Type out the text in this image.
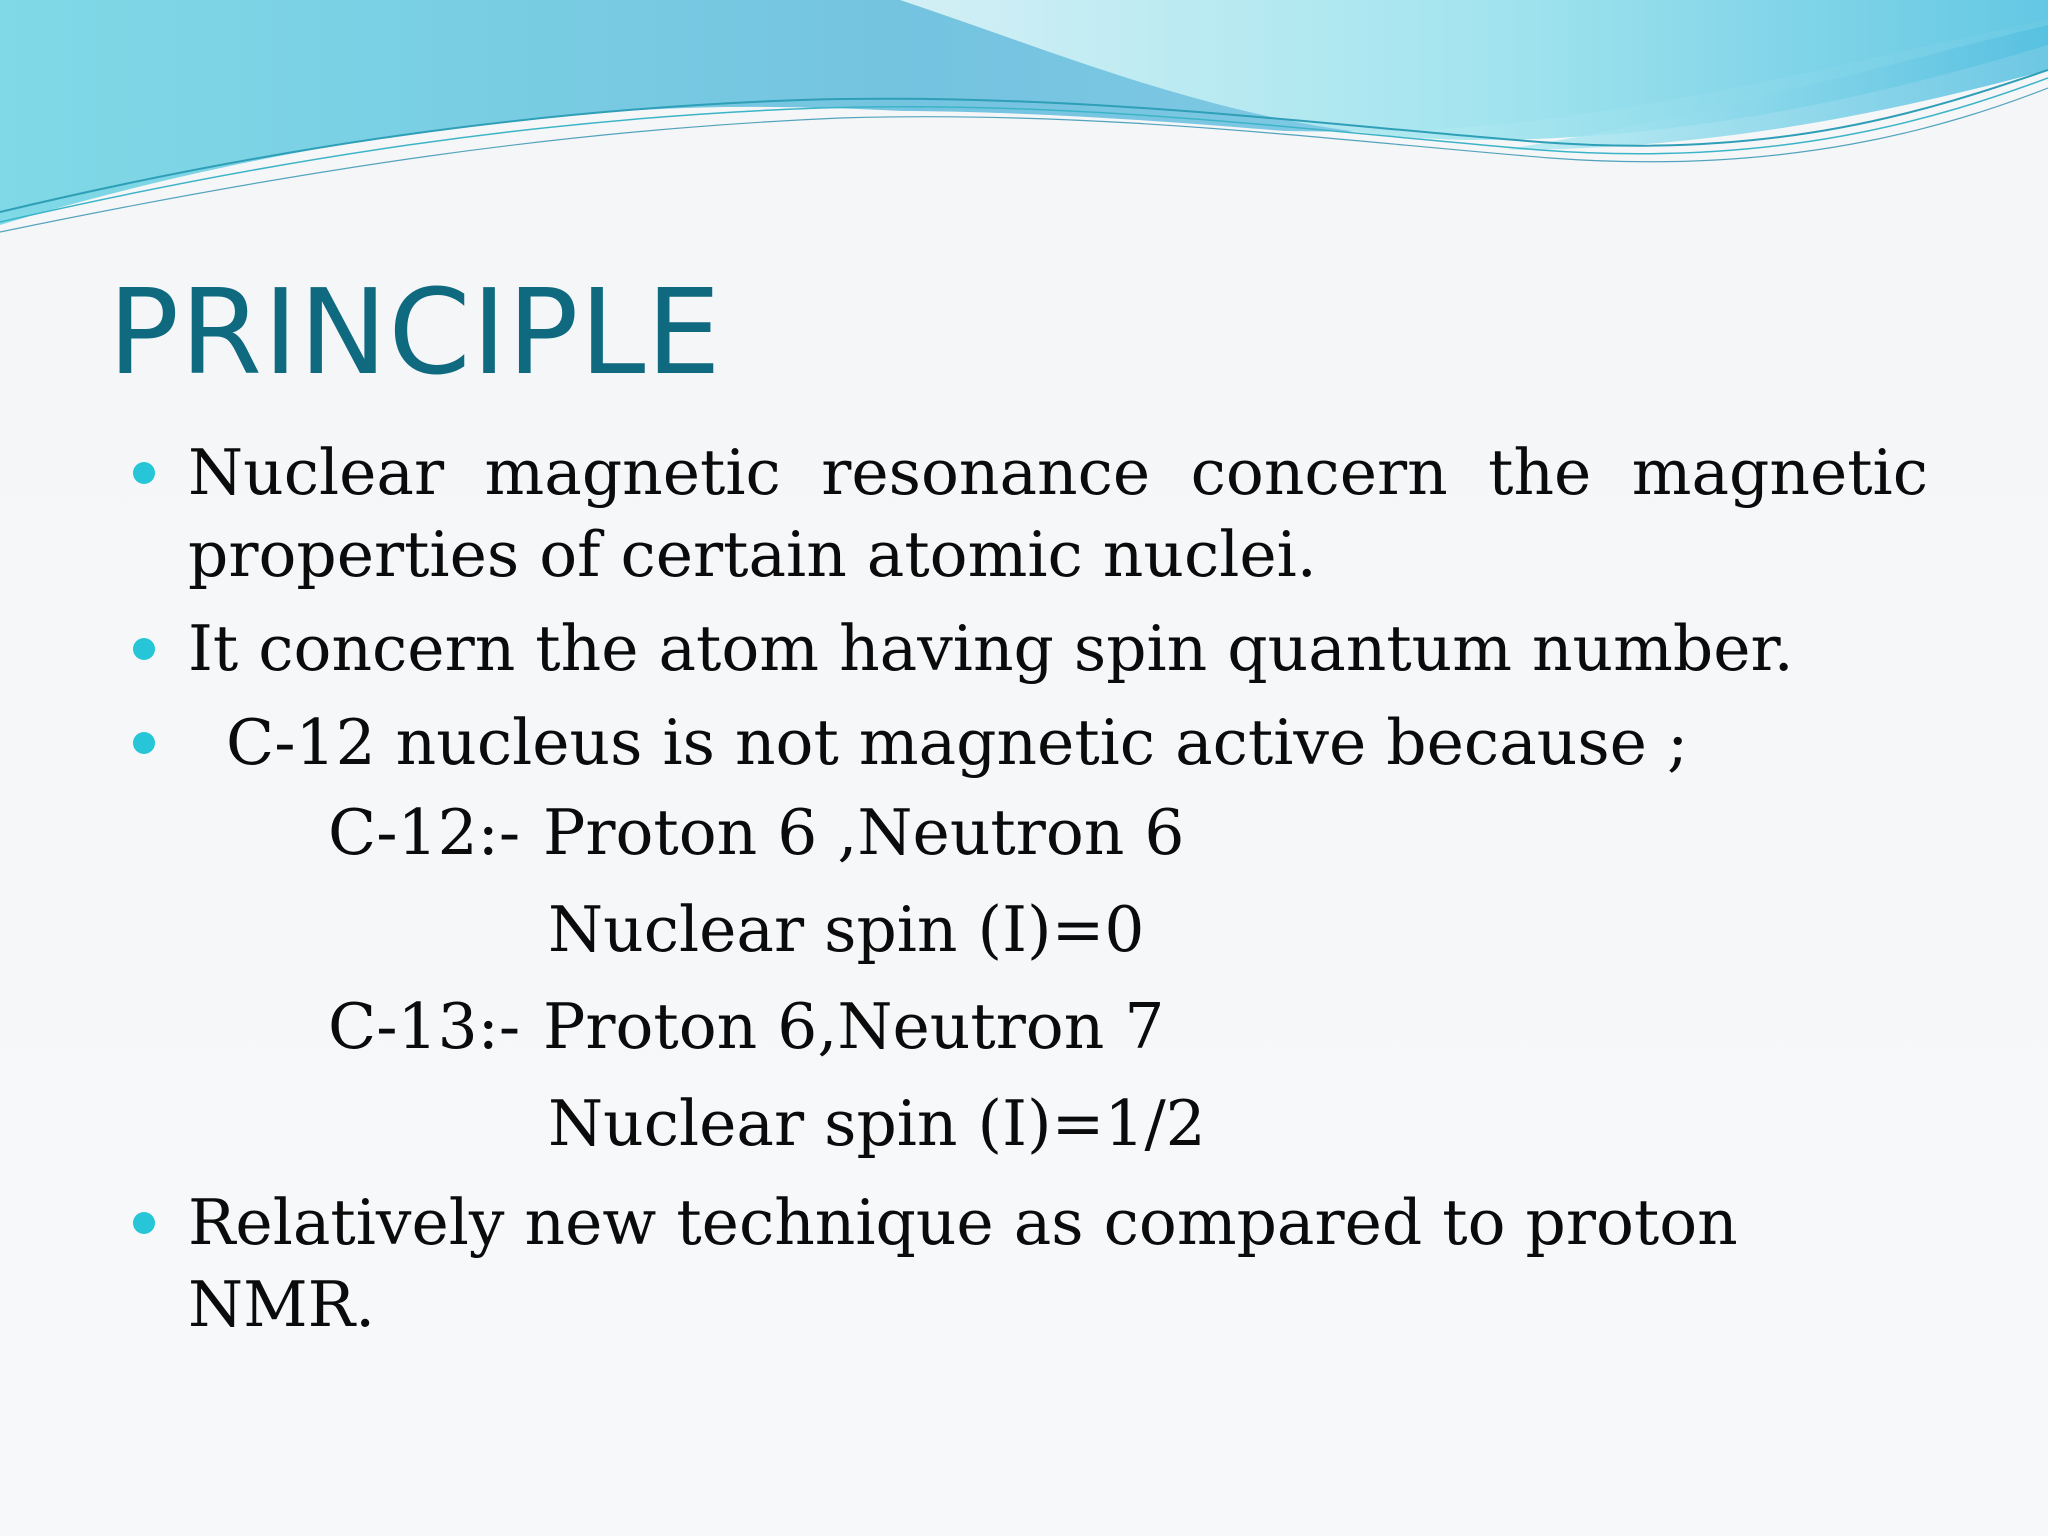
PRINCIPLE
Nuclear magnetic resonance concern the magnetic
properties of certain atomic nuclei.
It concern the atom having spin quantum number.
C-12 nucleus is not magnetic active because ;
C-12:- Proton 6 ,Neutron 6
Nuclear spin (I)=0
C-13:- Proton 6,Neutron 7
Nuclear spin (I)=1/2
Relatively new technique as compared to proton NMR.
